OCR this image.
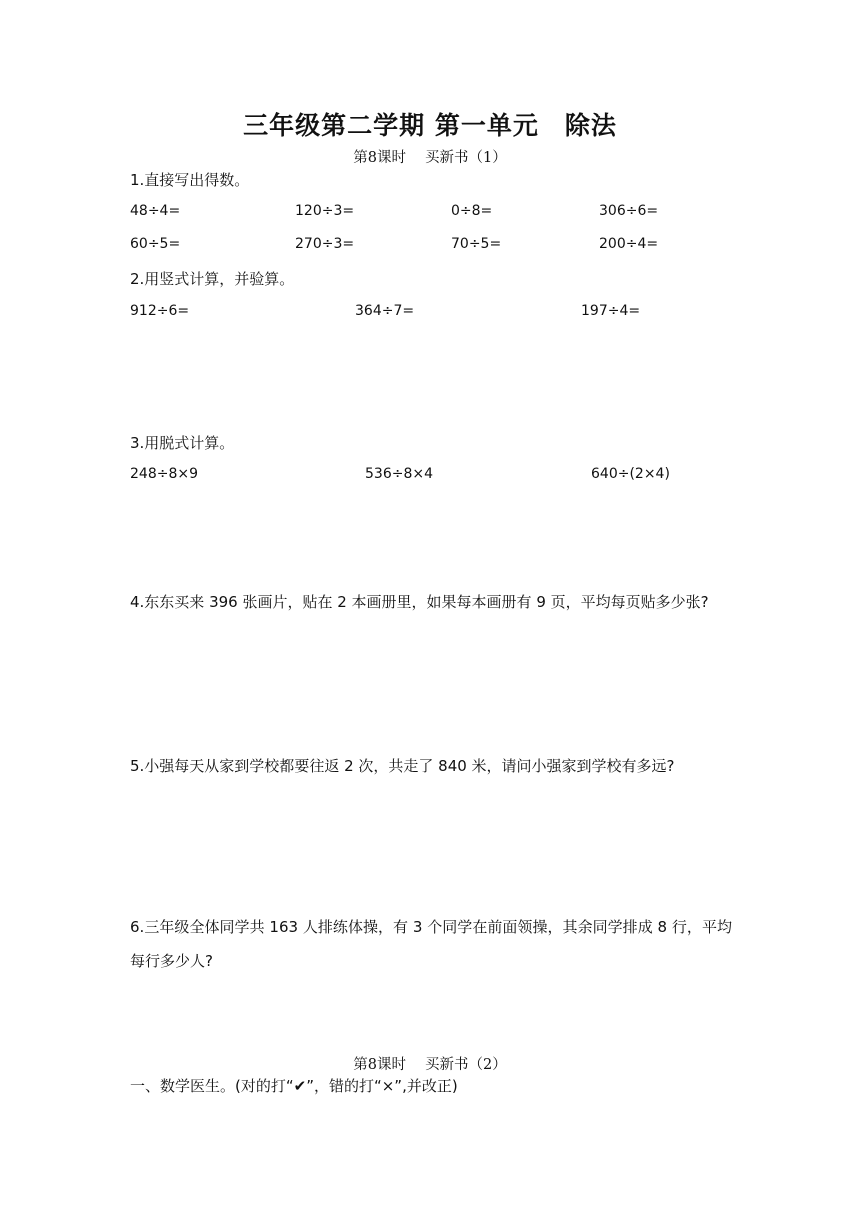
三年级第二学期 第一单元　除法
第8课时　 买新书（1）
1.直接写出得数。
48÷4=	120÷3=	0÷8=	306÷6=
60÷5=	270÷3=	70÷5=	200÷4=
2.用竖式计算，并验算。
912÷6=	364÷7=	197÷4=
3.用脱式计算。
248÷8×9	536÷8×4	640÷(2×4)
4.东东买来 396 张画片，贴在 2 本画册里，如果每本画册有 9 页，平均每页贴多少张?
5.小强每天从家到学校都要往返 2 次，共走了 840 米，请问小强家到学校有多远?
6.三年级全体同学共 163 人排练体操，有 3 个同学在前面领操，其余同学排成 8 行，平均每行多少人?
第8课时　 买新书（2）
一、数学医生。(对的打“✔”，错的打“×”,并改正)
